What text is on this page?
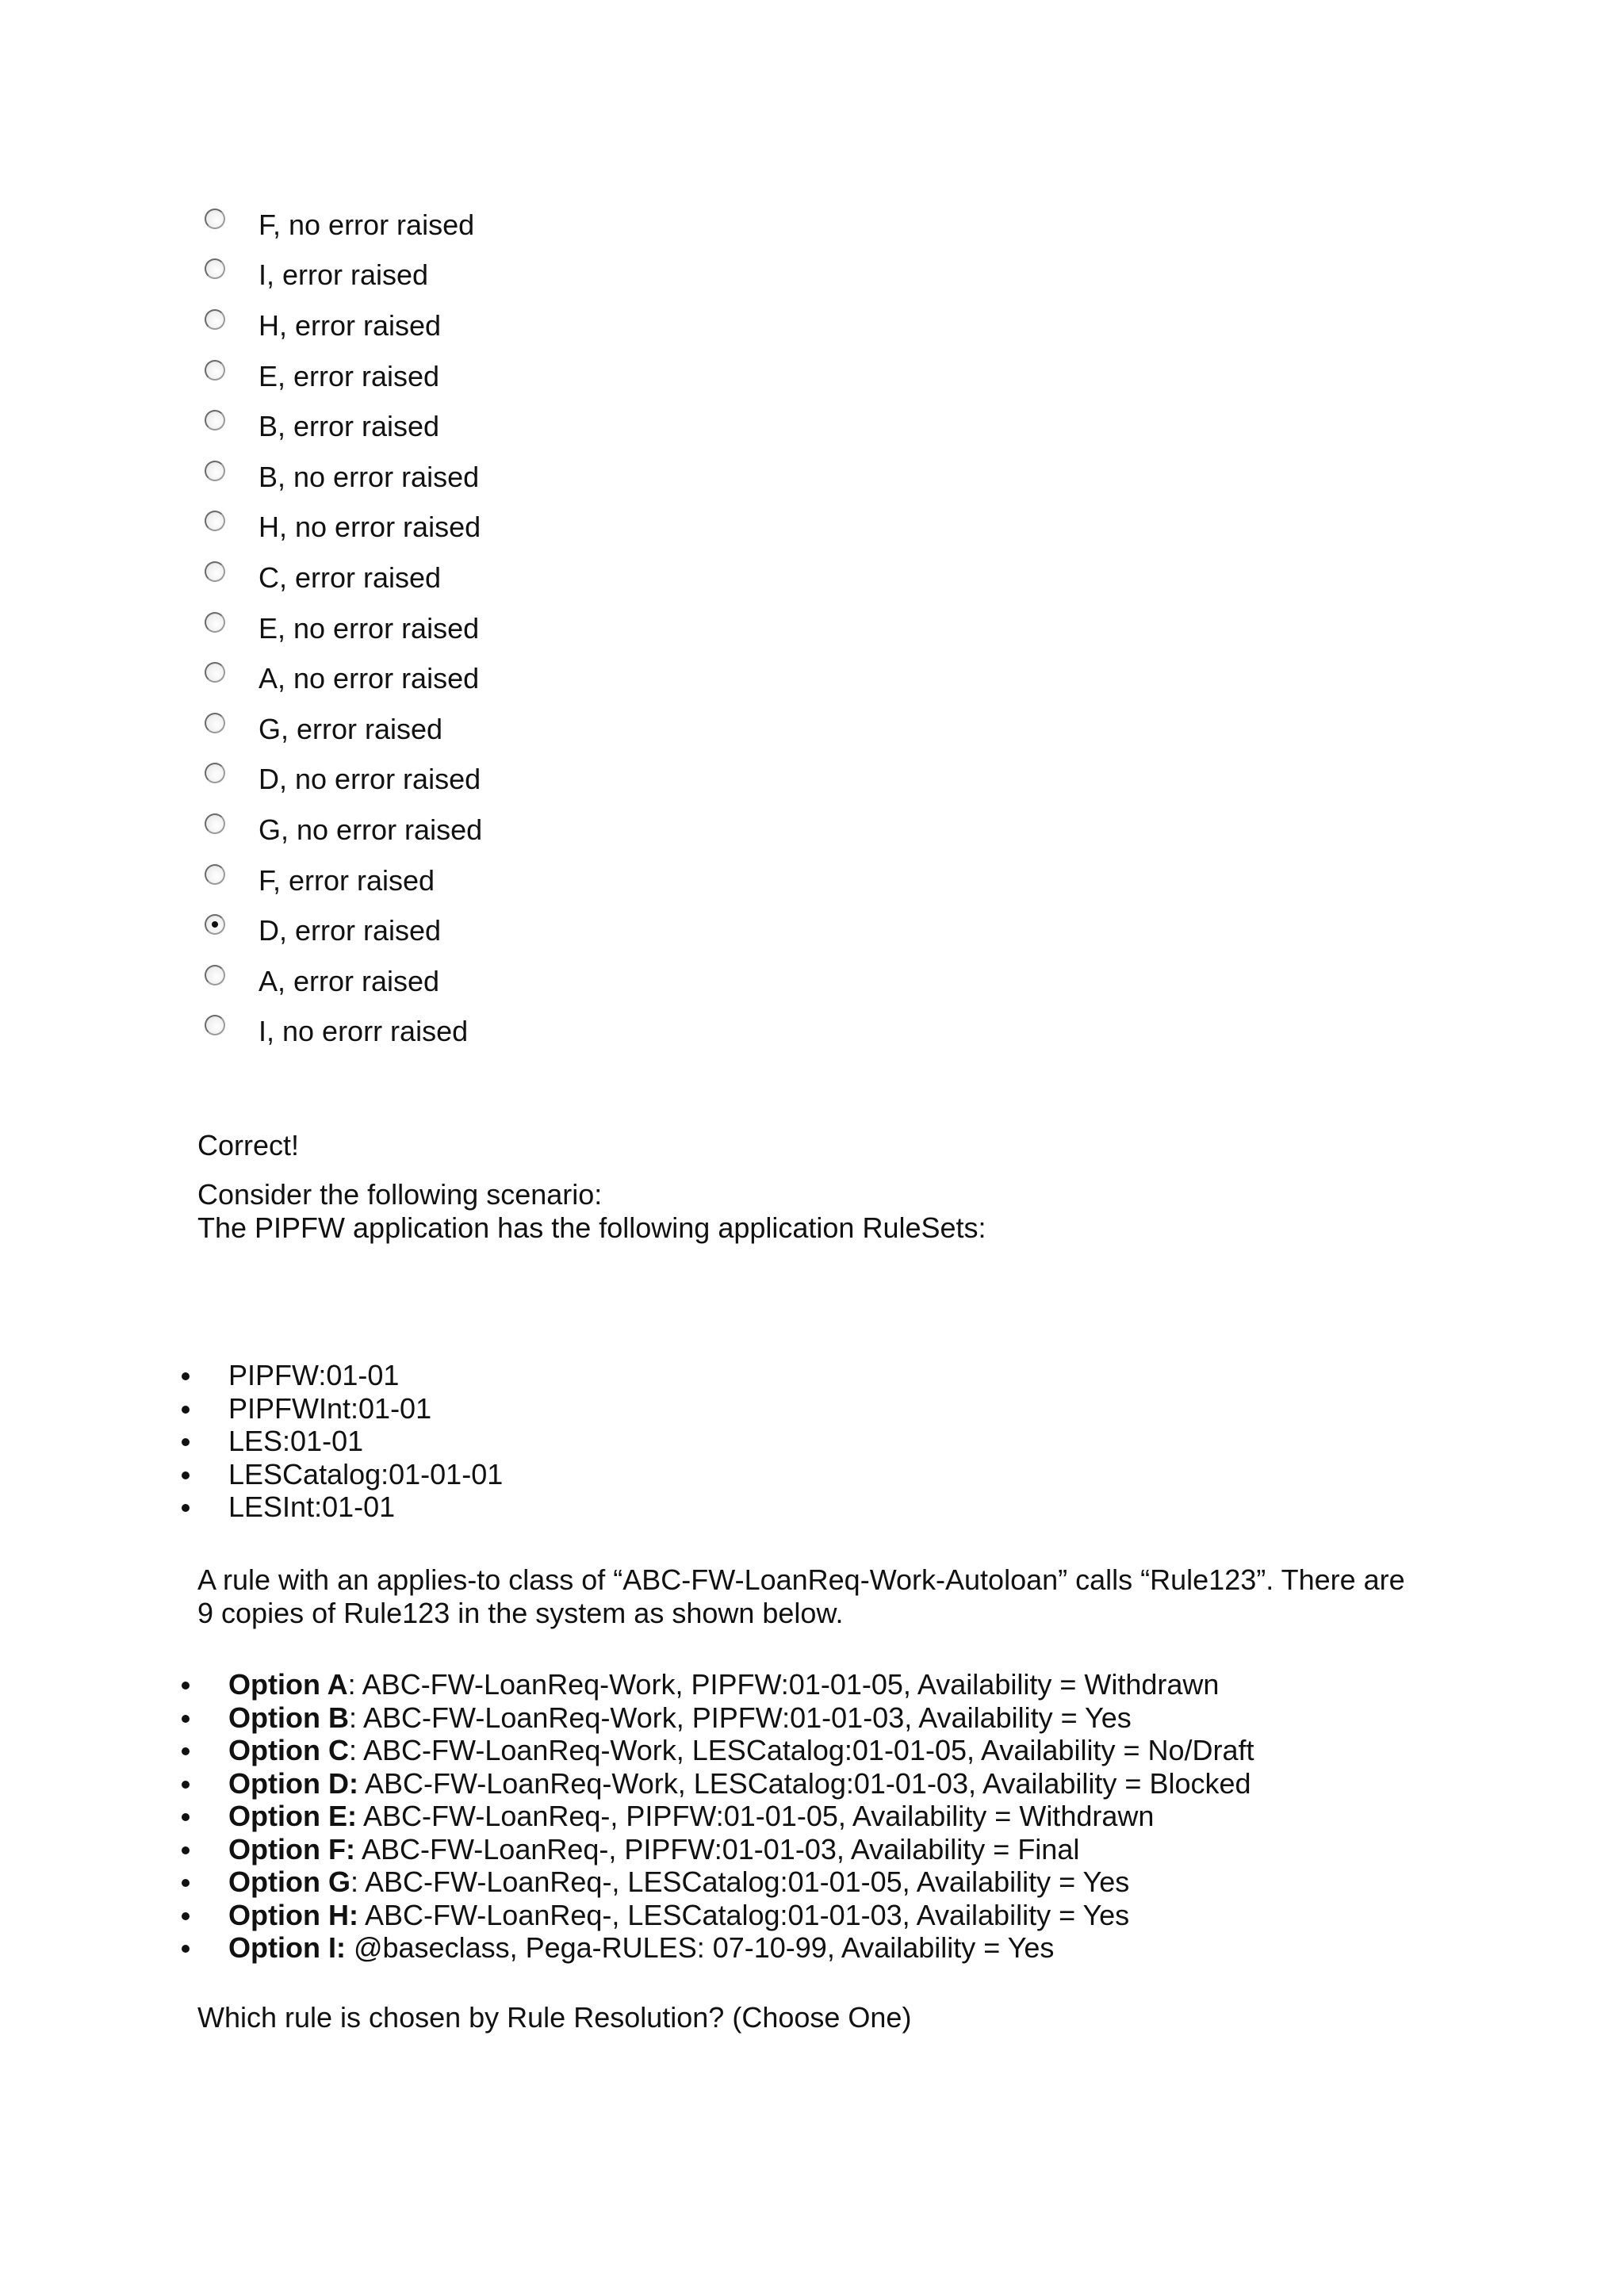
F, no error raised
I, error raised
H, error raised
E, error raised
B, error raised
B, no error raised
H, no error raised
C, error raised
E, no error raised
A, no error raised
G, error raised
D, no error raised
G, no error raised
F, error raised
D, error raised
A, error raised
I, no erorr raised

Correct!

Consider the following scenario:
The PIPFW application has the following application RuleSets:
PIPFW:01-01
PIPFWInt:01-01
LES:01-01
LESCatalog:01-01-01
LESInt:01-01
A rule with an applies-to class of “ABC-FW-LoanReq-Work-Autoloan” calls “Rule123”. There are
9 copies of Rule123 in the system as shown below.
Option A: ABC-FW-LoanReq-Work, PIPFW:01-01-05, Availability = Withdrawn
Option B: ABC-FW-LoanReq-Work, PIPFW:01-01-03, Availability = Yes
Option C: ABC-FW-LoanReq-Work, LESCatalog:01-01-05, Availability = No/Draft
Option D: ABC-FW-LoanReq-Work, LESCatalog:01-01-03, Availability = Blocked
Option E: ABC-FW-LoanReq-, PIPFW:01-01-05, Availability = Withdrawn
Option F: ABC-FW-LoanReq-, PIPFW:01-01-03, Availability = Final
Option G: ABC-FW-LoanReq-, LESCatalog:01-01-05, Availability = Yes
Option H: ABC-FW-LoanReq-, LESCatalog:01-01-03, Availability = Yes
Option I: @baseclass, Pega-RULES: 07-10-99, Availability = Yes

Which rule is chosen by Rule Resolution? (Choose One)
